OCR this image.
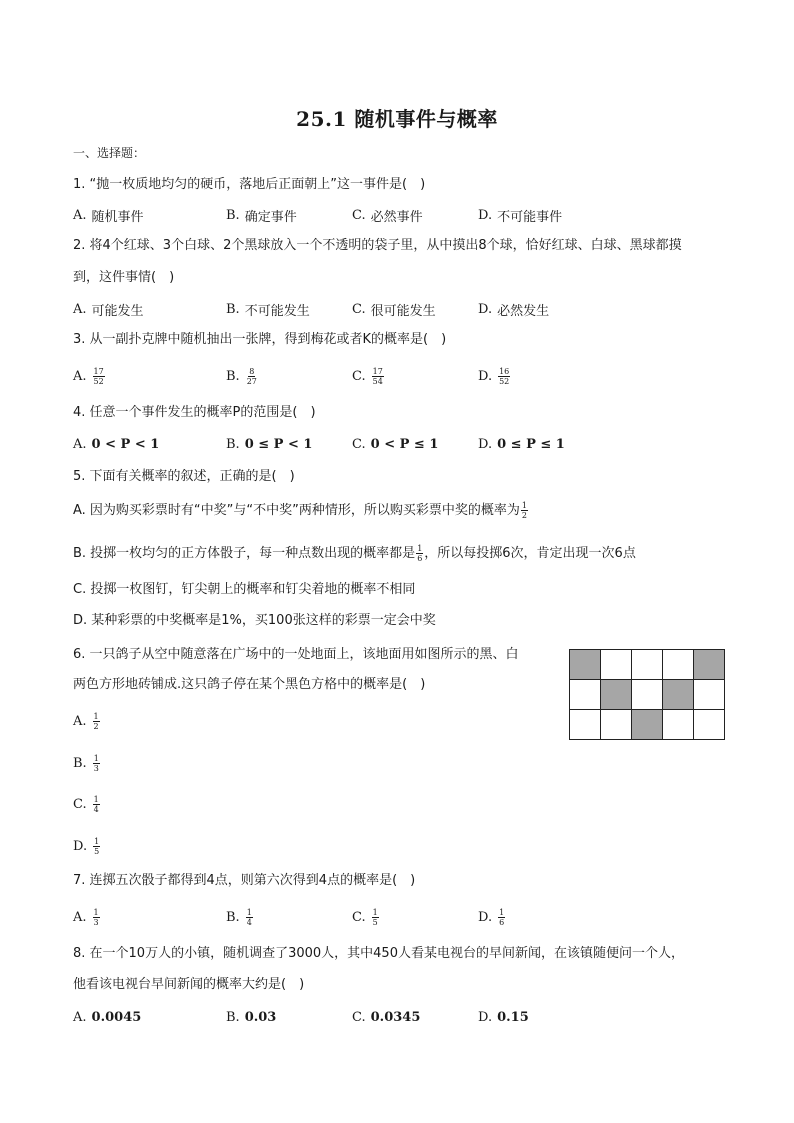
25.1 随机事件与概率
一、选择题：
1. “抛一枚质地均匀的硬币，落地后正面朝上”这一事件是(　)
A. 随机事件	B. 确定事件	C. 必然事件	D. 不可能事件
2. 将4个红球、3个白球、2个黑球放入一个不透明的袋子里，从中摸出8个球，恰好红球、白球、黑球都摸
到，这件事情(　)
A. 可能发生	B. 不可能发生	C. 很可能发生	D. 必然发生
3. 从一副扑克牌中随机抽出一张牌，得到梅花或者K的概率是(　)
A. $\frac{17}{52}$	B. $\frac{8}{27}$	C. $\frac{17}{54}$	D. $\frac{16}{52}$
4. 任意一个事件发生的概率P的范围是(　)
A. 0 < P < 1	B. 0 ≤ P < 1	C. 0 < P ≤ 1	D. 0 ≤ P ≤ 1
5. 下面有关概率的叙述，正确的是(　)
A. 因为购买彩票时有“中奖”与“不中奖”两种情形，所以购买彩票中奖的概率为 $\frac{1}{2}$
B. 投掷一枚均匀的正方体骰子，每一种点数出现的概率都是 $\frac{1}{6}$ ，所以每投掷6次，肯定出现一次6点
C. 投掷一枚图钉，钉尖朝上的概率和钉尖着地的概率不相同
D. 某种彩票的中奖概率是1%，买100张这样的彩票一定会中奖
6. 一只鸽子从空中随意落在广场中的一处地面上，该地面用如图所示的黑、白
两色方形地砖铺成.这只鸽子停在某个黑色方格中的概率是(　)

A. $\frac{1}{2}$
B. $\frac{1}{3}$
C. $\frac{1}{4}$
D. $\frac{1}{5}$
7. 连掷五次骰子都得到4点，则第六次得到4点的概率是(　)
A. $\frac{1}{3}$	B. $\frac{1}{4}$	C. $\frac{1}{5}$	D. $\frac{1}{6}$
8. 在一个10万人的小镇，随机调查了3000人，其中450人看某电视台的早间新闻，在该镇随便问一个人，
他看该电视台早间新闻的概率大约是(　)
A. 0.0045	B. 0.03	C. 0.0345	D. 0.15
